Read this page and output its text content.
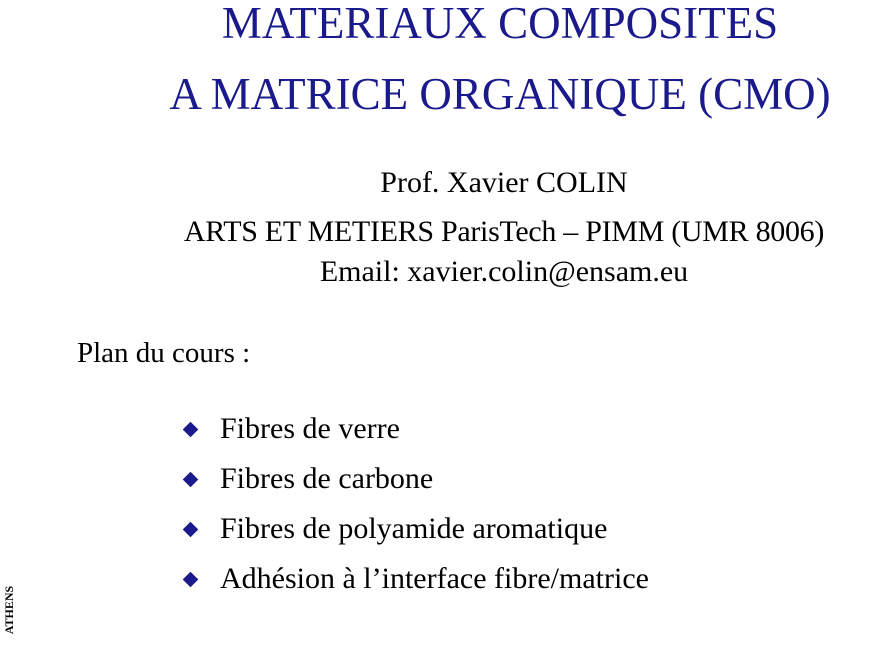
MATERIAUX COMPOSITES
A MATRICE ORGANIQUE (CMO)
Prof. Xavier COLIN
ARTS ET METIERS ParisTech – PIMM (UMR 8006)
Email: xavier.colin@ensam.eu
Plan du cours :
Fibres de verre
Fibres de carbone
Fibres de polyamide aromatique
Adhésion à l’interface fibre/matrice
ATHENS
